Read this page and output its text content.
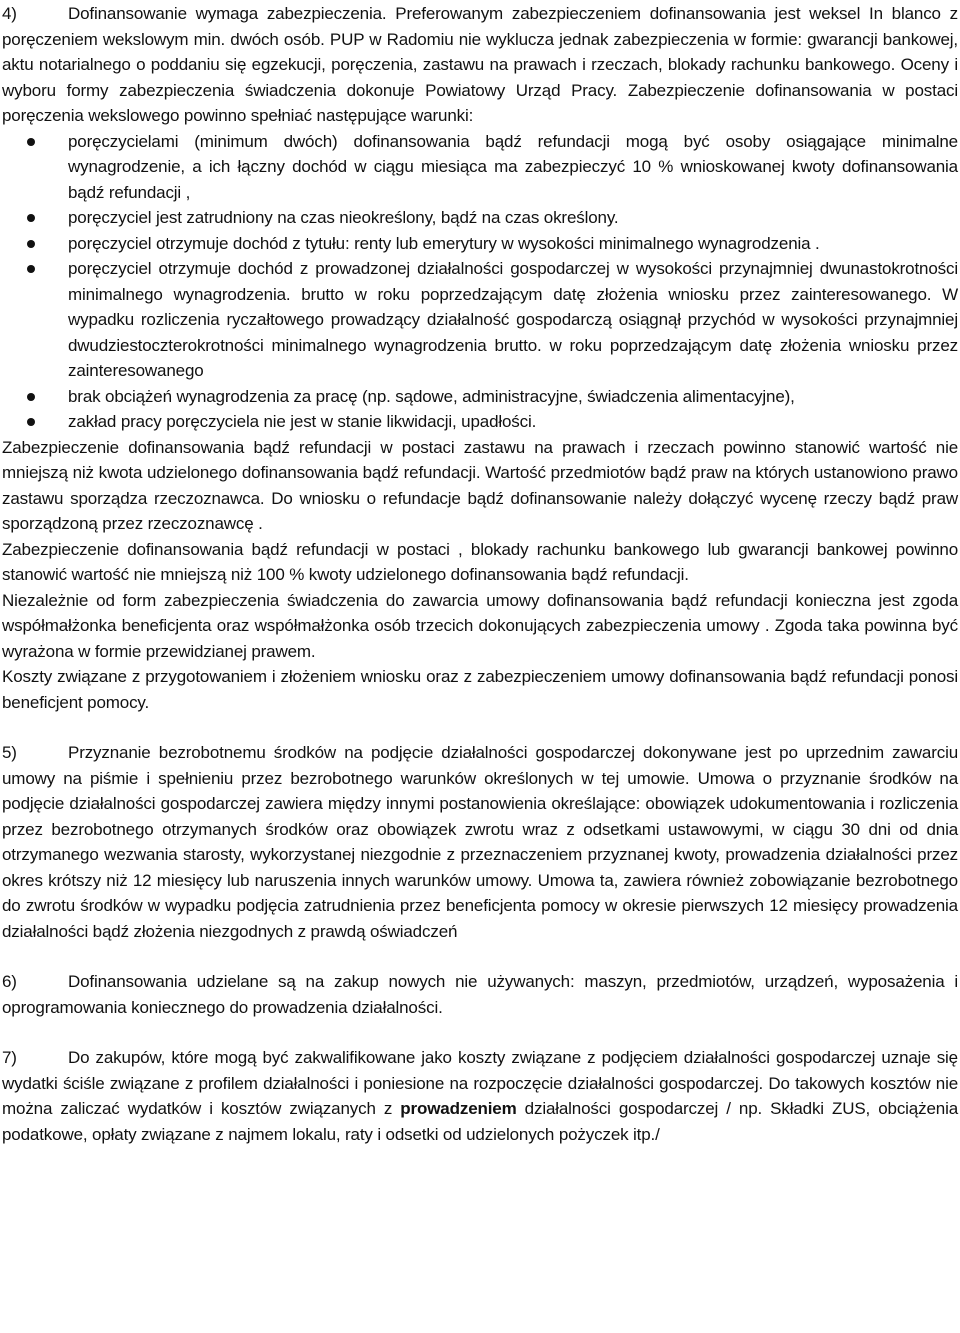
4)	Dofinansowanie wymaga zabezpieczenia. Preferowanym zabezpieczeniem dofinansowania jest weksel In blanco z poręczeniem wekslowym min. dwóch osób. PUP w Radomiu nie wyklucza jednak zabezpieczenia w formie: gwarancji bankowej, aktu notarialnego o poddaniu się egzekucji, poręczenia, zastawu na prawach i rzeczach, blokady rachunku bankowego. Oceny i wyboru formy zabezpieczenia świadczenia dokonuje Powiatowy Urząd Pracy. Zabezpieczenie dofinansowania w postaci poręczenia wekslowego powinno spełniać następujące warunki:

poręczycielami (minimum dwóch) dofinansowania bądź refundacji mogą być osoby osiągające minimalne wynagrodzenie, a ich łączny dochód w ciągu miesiąca ma zabezpieczyć 10 % wnioskowanej kwoty dofinansowania bądź refundacji ,
poręczyciel jest zatrudniony na czas nieokreślony, bądź na czas określony.
poręczyciel otrzymuje dochód z tytułu: renty lub emerytury w wysokości minimalnego wynagrodzenia .
poręczyciel otrzymuje dochód z prowadzonej działalności gospodarczej w wysokości przynajmniej dwunastokrotności minimalnego wynagrodzenia. brutto w roku poprzedzającym datę złożenia wniosku przez zainteresowanego. W wypadku rozliczenia ryczałtowego prowadzący działalność gospodarczą osiągnął przychód w wysokości przynajmniej dwudziestoczterokrotności minimalnego wynagrodzenia brutto. w roku poprzedzającym datę złożenia wniosku przez zainteresowanego
brak obciążeń wynagrodzenia za pracę (np. sądowe, administracyjne, świadczenia alimentacyjne),
zakład pracy poręczyciela nie jest w stanie likwidacji, upadłości.

Zabezpieczenie dofinansowania bądź refundacji w postaci zastawu na prawach i rzeczach powinno stanowić wartość nie mniejszą niż kwota udzielonego dofinansowania bądź refundacji. Wartość przedmiotów bądź praw na których ustanowiono prawo zastawu sporządza rzeczoznawca. Do wniosku o refundacje bądź dofinansowanie należy dołączyć wycenę rzeczy bądź praw sporządzoną przez rzeczoznawcę .

Zabezpieczenie dofinansowania bądź refundacji w postaci , blokady rachunku bankowego lub gwarancji bankowej powinno stanowić wartość nie mniejszą niż 100 % kwoty udzielonego dofinansowania bądź refundacji.

Niezależnie od form zabezpieczenia świadczenia do zawarcia umowy dofinansowania bądź refundacji konieczna jest zgoda współmałżonka beneficjenta oraz współmałżonka osób trzecich dokonujących zabezpieczenia umowy . Zgoda taka powinna być wyrażona w formie przewidzianej prawem.

Koszty związane z przygotowaniem i złożeniem wniosku oraz z zabezpieczeniem umowy dofinansowania bądź refundacji ponosi beneficjent pomocy.

5)	Przyznanie bezrobotnemu środków na podjęcie działalności gospodarczej dokonywane jest po uprzednim zawarciu umowy na piśmie i spełnieniu przez bezrobotnego warunków określonych w tej umowie. Umowa o przyznanie środków na podjęcie działalności gospodarczej zawiera między innymi postanowienia określające: obowiązek udokumentowania i rozliczenia przez bezrobotnego otrzymanych środków oraz obowiązek zwrotu wraz z odsetkami ustawowymi, w ciągu 30 dni od dnia otrzymanego wezwania starosty, wykorzystanej niezgodnie z przeznaczeniem przyznanej kwoty, prowadzenia działalności przez okres krótszy niż 12 miesięcy lub naruszenia innych warunków umowy. Umowa ta, zawiera również zobowiązanie bezrobotnego do zwrotu środków w wypadku podjęcia zatrudnienia przez beneficjenta pomocy w okresie pierwszych 12 miesięcy prowadzenia działalności bądź złożenia niezgodnych z prawdą oświadczeń

6)	Dofinansowania udzielane są na zakup nowych nie używanych: maszyn, przedmiotów, urządzeń, wyposażenia i oprogramowania koniecznego do prowadzenia działalności.

7)	Do zakupów, które mogą być zakwalifikowane jako koszty związane z podjęciem działalności gospodarczej uznaje się wydatki ściśle związane z profilem działalności i poniesione na rozpoczęcie działalności gospodarczej. Do takowych kosztów nie można zaliczać wydatków i kosztów związanych z prowadzeniem działalności gospodarczej / np. Składki ZUS, obciążenia podatkowe, opłaty związane z najmem lokalu, raty i odsetki od udzielonych pożyczek itp./
